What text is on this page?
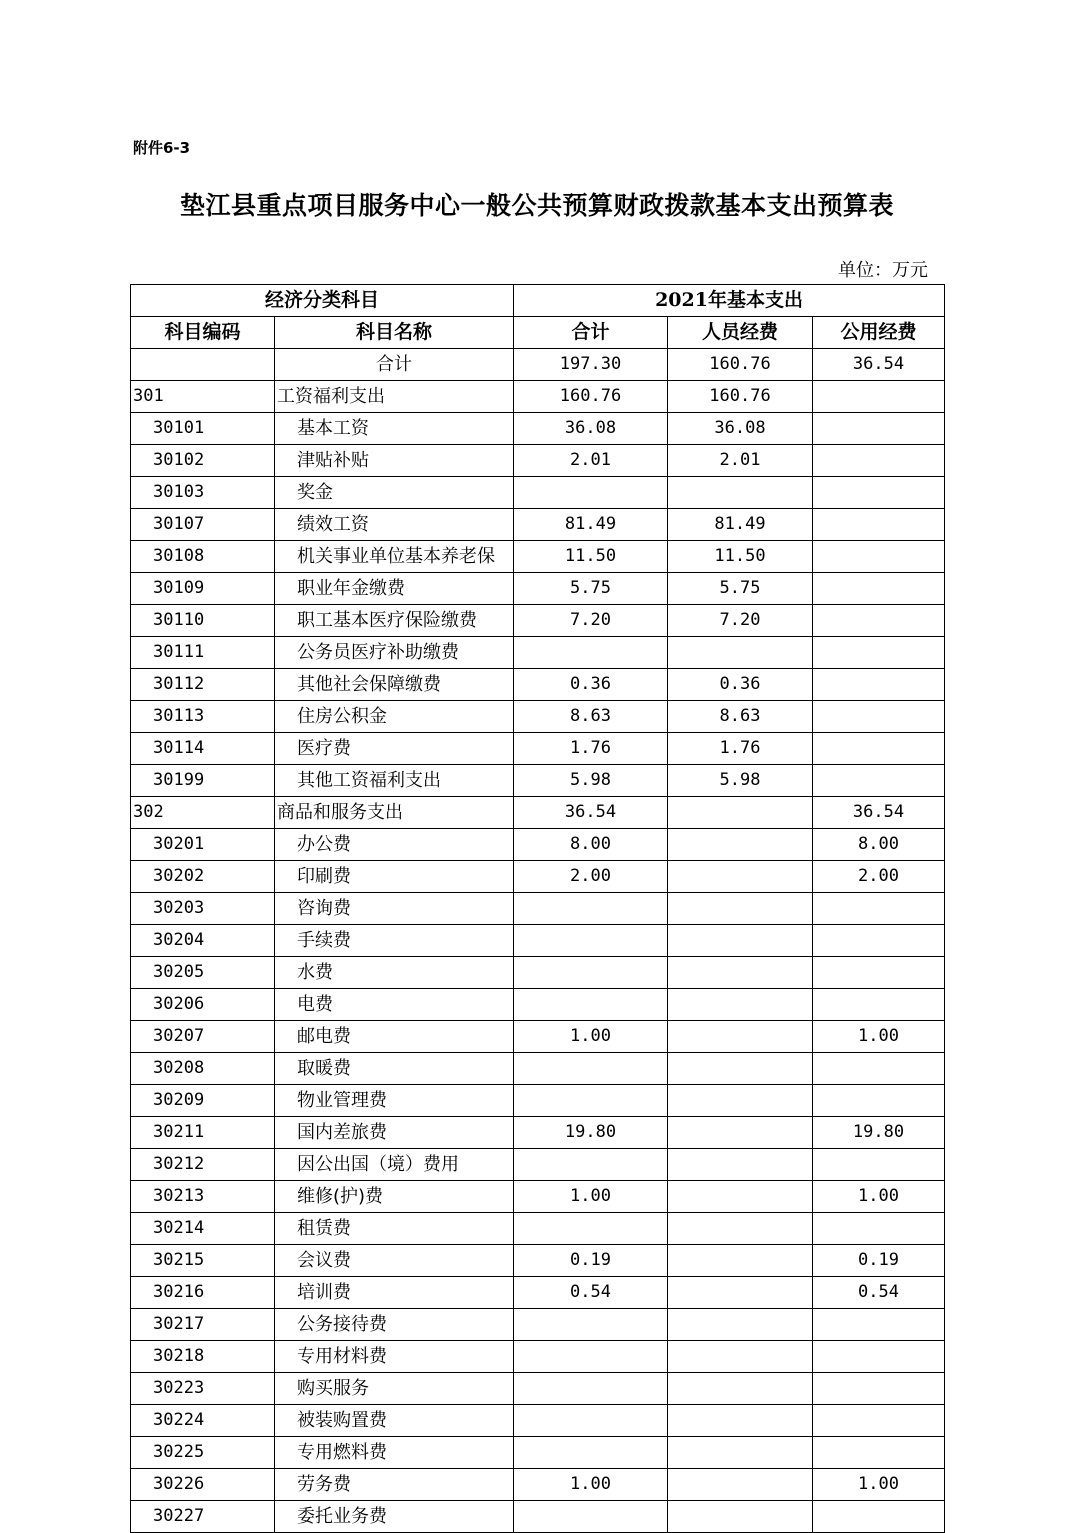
附件6-3
垫江县重点项目服务中心一般公共预算财政拨款基本支出预算表
单位：万元
经济分类科目		2021年基本支出		
科目编码	科目名称	合计	人员经费	公用经费
	合计	197.30	160.76	36.54
301	工资福利支出	160.76	160.76	
30101	基本工资	36.08	36.08	
30102	津贴补贴	2.01	2.01	
30103	奖金			
30107	绩效工资	81.49	81.49	
30108	机关事业单位基本养老保	11.50	11.50	
30109	职业年金缴费	5.75	5.75	
30110	职工基本医疗保险缴费	7.20	7.20	
30111	公务员医疗补助缴费			
30112	其他社会保障缴费	0.36	0.36	
30113	住房公积金	8.63	8.63	
30114	医疗费	1.76	1.76	
30199	其他工资福利支出	5.98	5.98	
302	商品和服务支出	36.54		36.54
30201	办公费	8.00		8.00
30202	印刷费	2.00		2.00
30203	咨询费			
30204	手续费			
30205	水费			
30206	电费			
30207	邮电费	1.00		1.00
30208	取暖费			
30209	物业管理费			
30211	国内差旅费	19.80		19.80
30212	因公出国（境）费用			
30213	维修(护)费	1.00		1.00
30214	租赁费			
30215	会议费	0.19		0.19
30216	培训费	0.54		0.54
30217	公务接待费			
30218	专用材料费			
30223	购买服务			
30224	被装购置费			
30225	专用燃料费			
30226	劳务费	1.00		1.00
30227	委托业务费			
